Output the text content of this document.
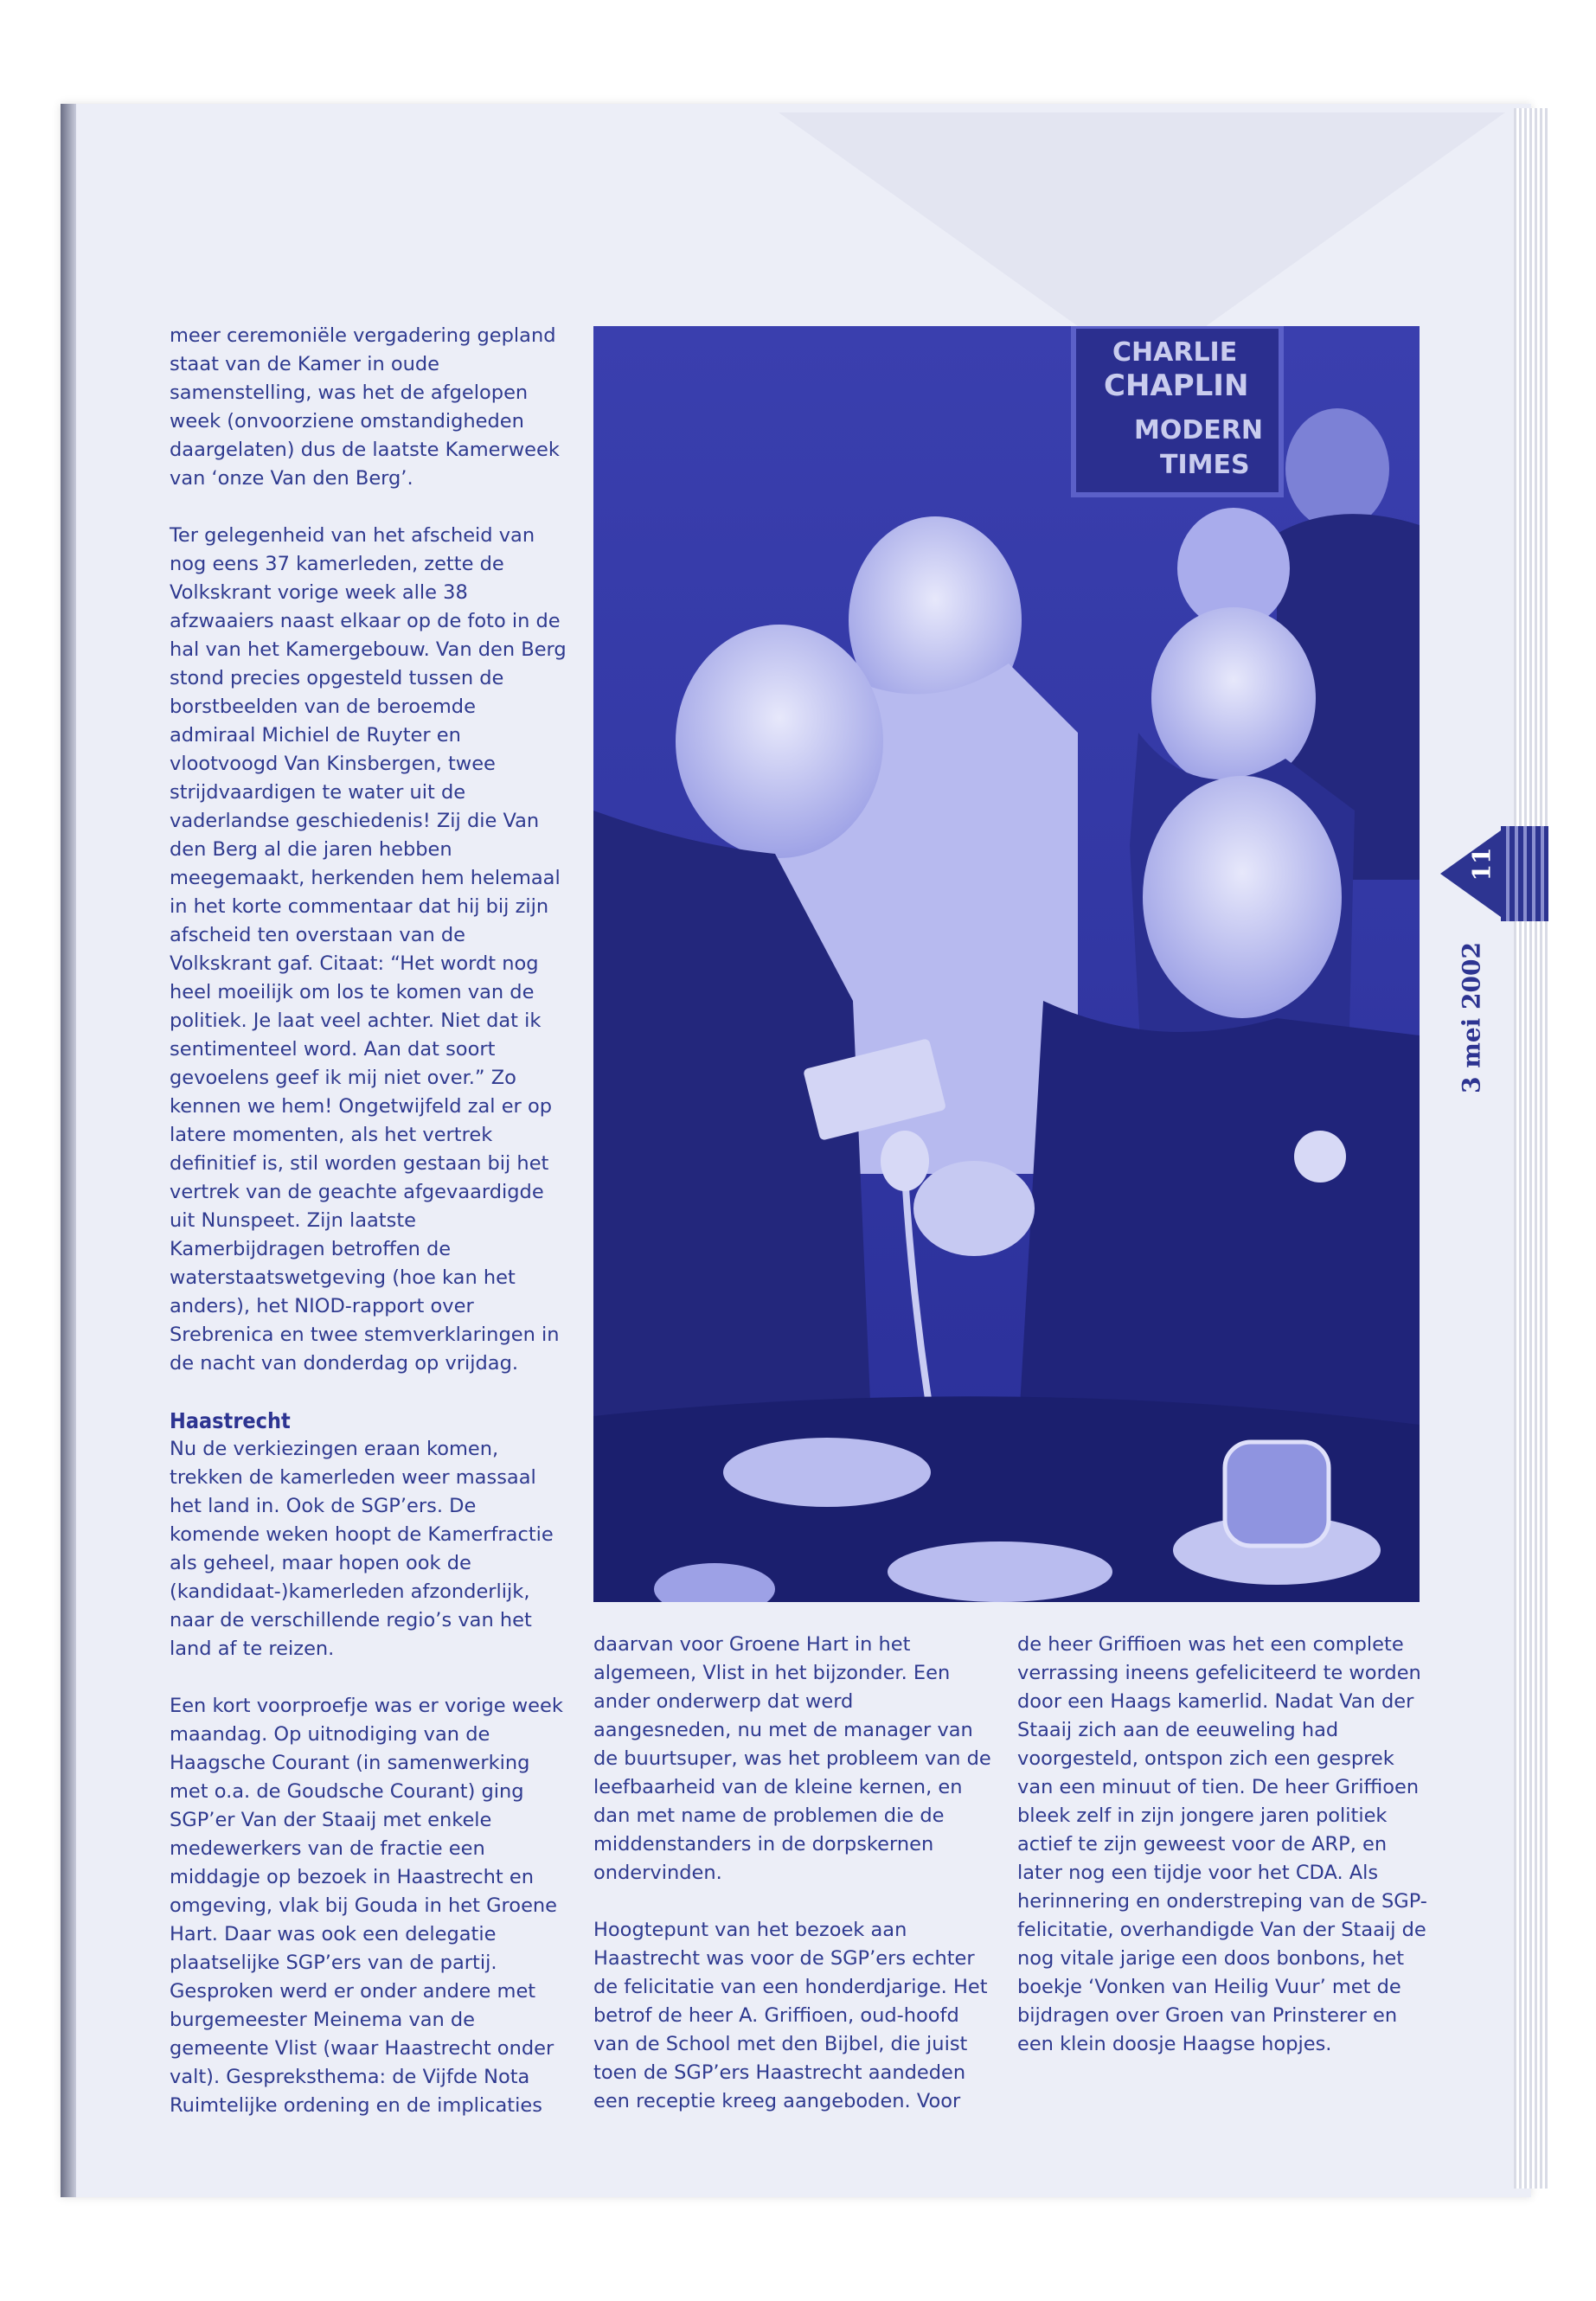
meer ceremoniële vergadering gepland staat van de Kamer in oude samenstelling, was het de afgelopen week (onvoorziene omstandigheden daargelaten) dus de laatste Kamerweek van ‘onze Van den Berg’.

Ter gelegenheid van het afscheid van nog eens 37 kamerleden, zette de Volkskrant vorige week alle 38 afzwaaiers naast elkaar op de foto in de hal van het Kamergebouw. Van den Berg stond precies opgesteld tussen de borstbeelden van de beroemde admiraal Michiel de Ruyter en vlootvoogd Van Kinsbergen, twee strijdvaardigen te water uit de vaderlandse geschiedenis! Zij die Van den Berg al die jaren hebben meegemaakt, herkenden hem helemaal in het korte commentaar dat hij bij zijn afscheid ten overstaan van de Volkskrant gaf. Citaat: “Het wordt nog heel moeilijk om los te komen van de politiek. Je laat veel achter. Niet dat ik sentimenteel word. Aan dat soort gevoelens geef ik mij niet over.” Zo kennen we hem! Ongetwijfeld zal er op latere momenten, als het vertrek definitief is, stil worden gestaan bij het vertrek van de geachte afgevaardigde uit Nunspeet. Zijn laatste Kamerbijdragen betroffen de waterstaatswetgeving (hoe kan het anders), het NIOD-rapport over Srebrenica en twee stemverklaringen in de nacht van donderdag op vrijdag.

Haastrecht

Nu de verkiezingen eraan komen, trekken de kamerleden weer massaal het land in. Ook de SGP’ers. De komende weken hoopt de Kamerfractie als geheel, maar hopen ook de (kandidaat-)kamerleden afzonderlijk, naar de verschillende regio’s van het land af te reizen.

Een kort voorproefje was er vorige week maandag. Op uitnodiging van de Haagsche Courant (in samenwerking met o.a. de Goudsche Courant) ging SGP’er Van der Staaij met enkele medewerkers van de fractie een middagje op bezoek in Haastrecht en omgeving, vlak bij Gouda in het Groene Hart. Daar was ook een delegatie plaatselijke SGP’ers van de partij. Gesproken werd er onder andere met burgemeester Meinema van de gemeente Vlist (waar Haastrecht onder valt). Gespreksthema: de Vijfde Nota Ruimtelijke ordening en de implicaties

CHARLIE
CHAPLIN
MODERN
TIMES

daarvan voor Groene Hart in het algemeen, Vlist in het bijzonder. Een ander onderwerp dat werd aangesneden, nu met de manager van de buurtsuper, was het probleem van de leefbaarheid van de kleine kernen, en dan met name de problemen die de middenstanders in de dorpskernen ondervinden.

Hoogtepunt van het bezoek aan Haastrecht was voor de SGP’ers echter de felicitatie van een honderdjarige. Het betrof de heer A. Griffioen, oud-hoofd van de School met den Bijbel, die juist toen de SGP’ers Haastrecht aandeden een receptie kreeg aangeboden. Voor

de heer Griffioen was het een complete verrassing ineens gefeliciteerd te worden door een Haags kamerlid. Nadat Van der Staaij zich aan de eeuweling had voorgesteld, ontspon zich een gesprek van een minuut of tien. De heer Griffioen bleek zelf in zijn jongere jaren politiek actief te zijn geweest voor de ARP, en later nog een tijdje voor het CDA. Als herinnering en onderstreping van de SGP-felicitatie, overhandigde Van der Staaij de nog vitale jarige een doos bonbons, het boekje ‘Vonken van Heilig Vuur’ met de bijdragen over Groen van Prinsterer en een klein doosje Haagse hopjes.

11
3 mei 2002
